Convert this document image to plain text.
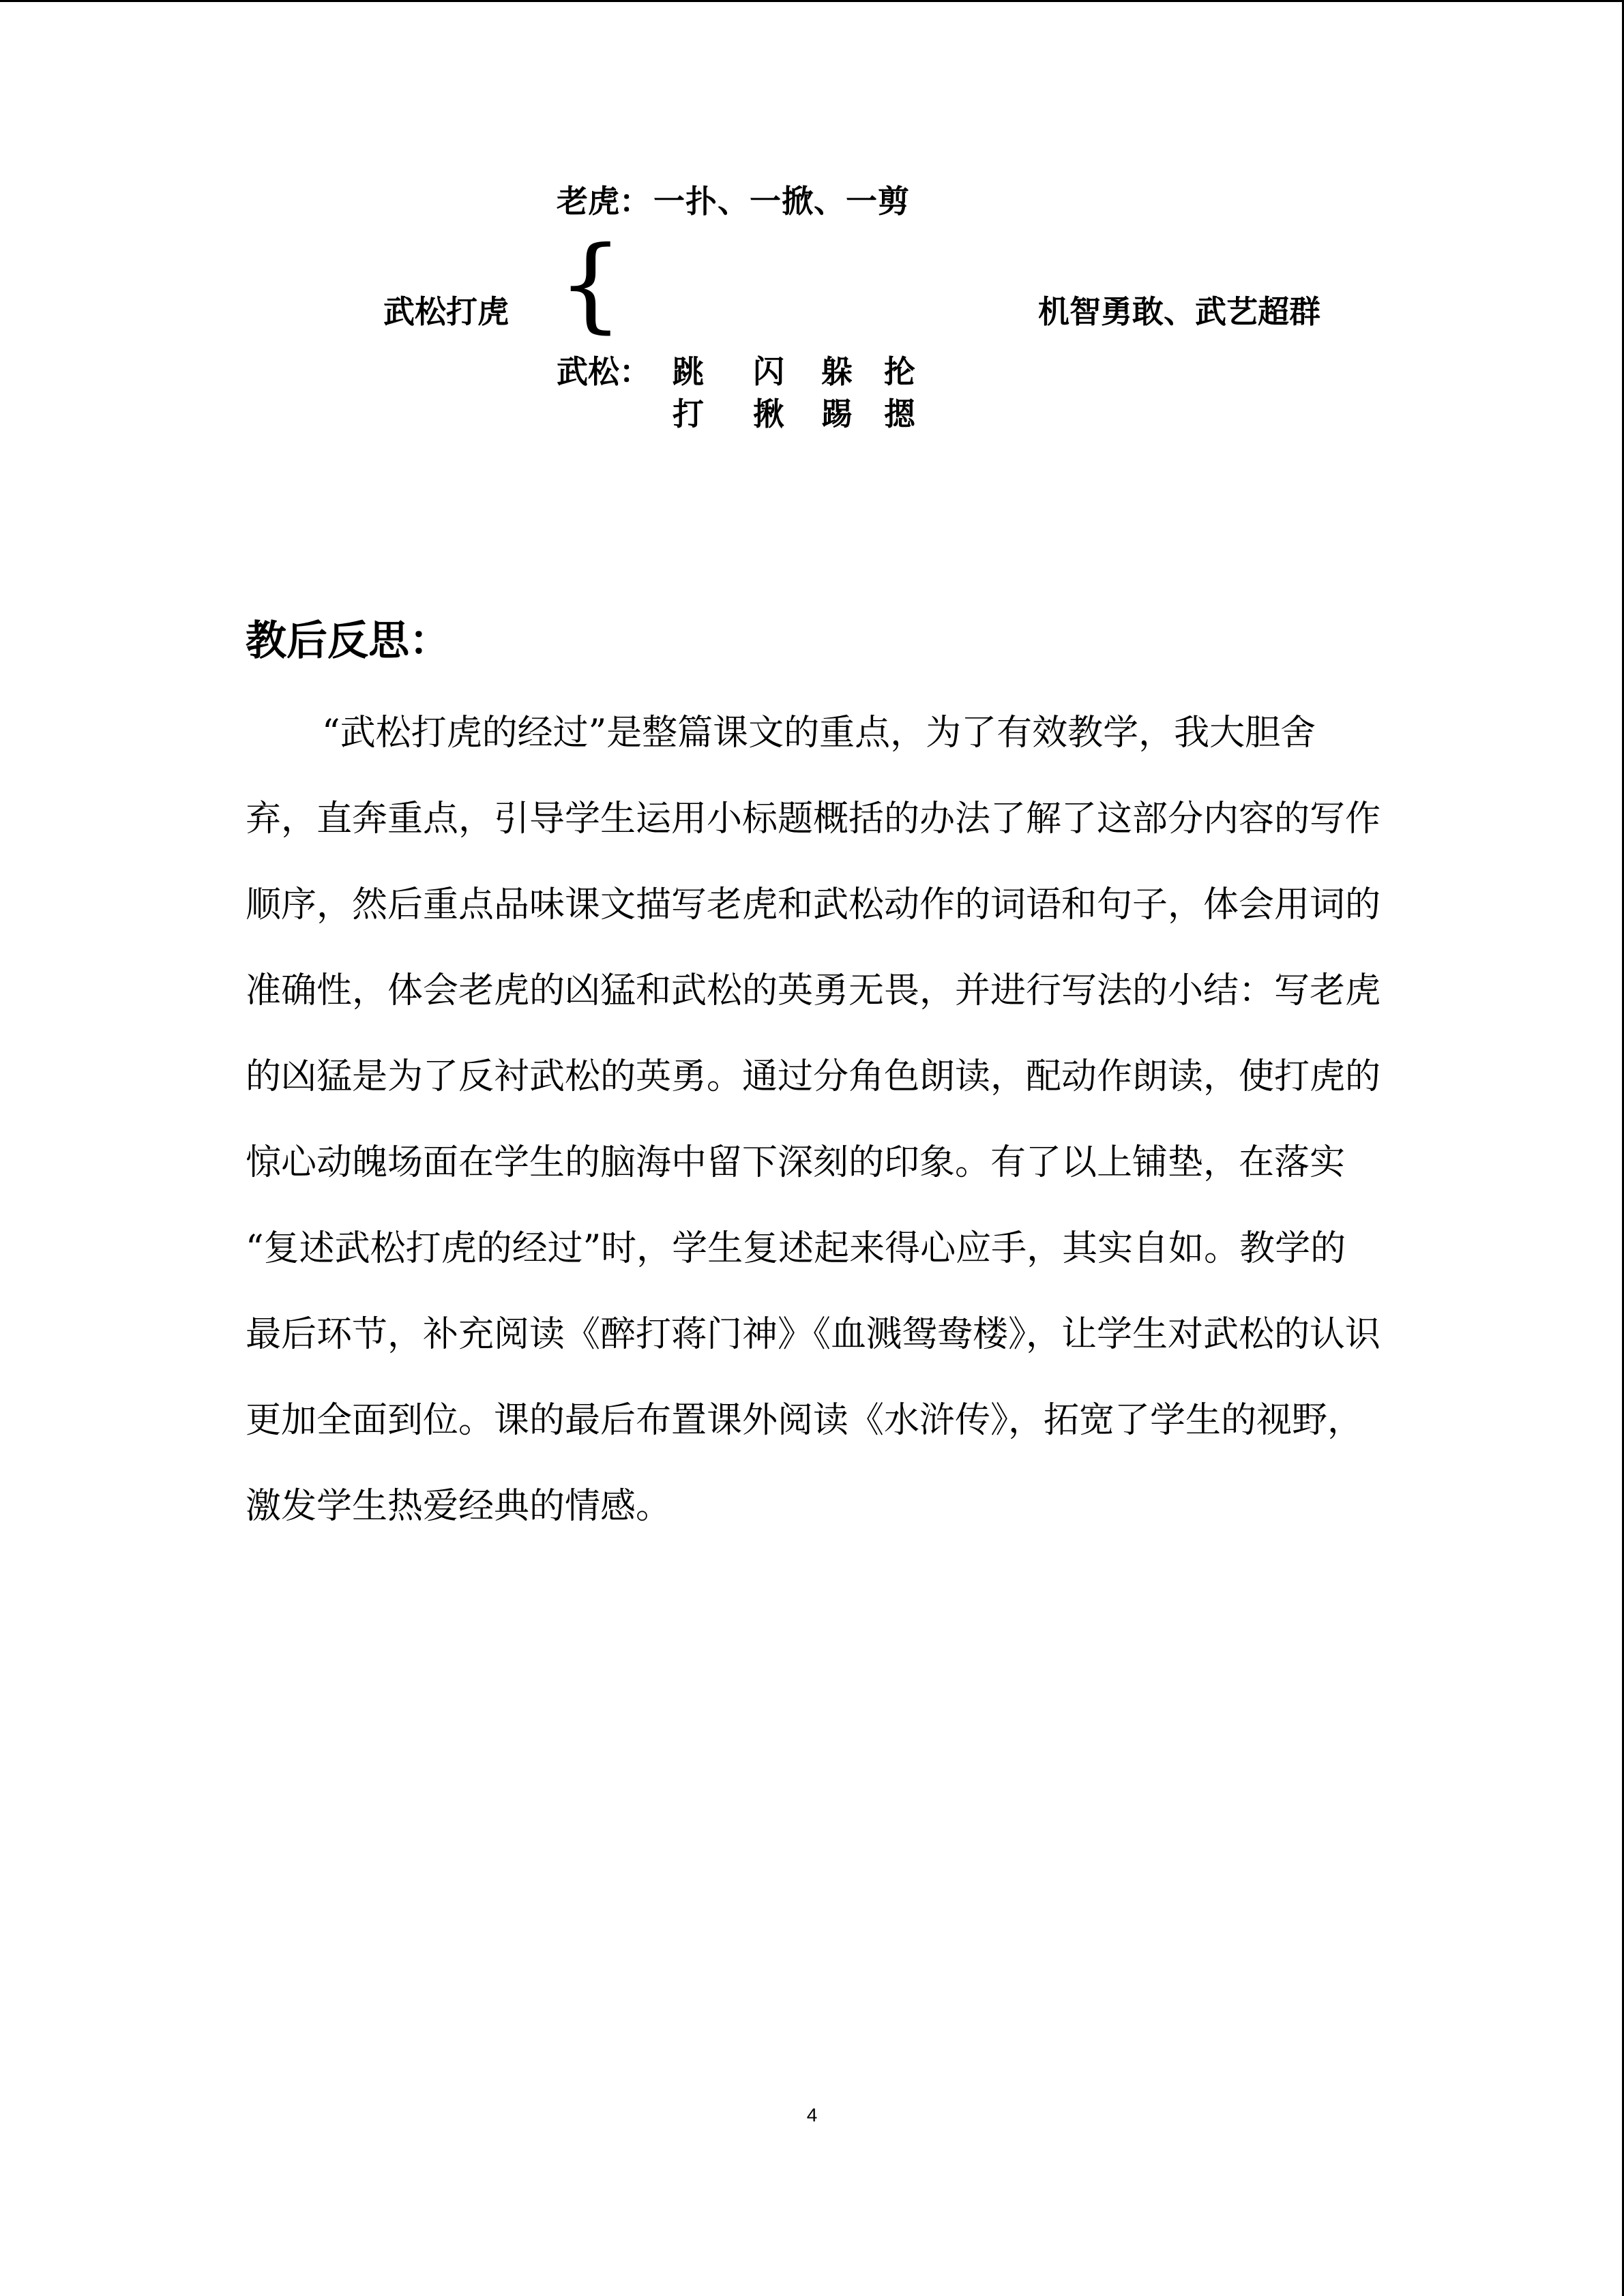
老虎： 一扑、一掀、一剪
武松打虎 {	机智勇敢、武艺超群
武松： 跳 闪 躲 抡
打 揪 踢 摁
教后反思：
“武松打虎的经过”是整篇课文的重点，为了有效教学，我大胆舍
弃，直奔重点，引导学生运用小标题概括的办法了解了这部分内容的写作
顺序，然后重点品味课文描写老虎和武松动作的词语和句子，体会用词的
准确性，体会老虎的凶猛和武松的英勇无畏，并进行写法的小结：写老虎
的凶猛是为了反衬武松的英勇。通过分角色朗读，配动作朗读，使打虎的
惊心动魄场面在学生的脑海中留下深刻的印象。有了以上铺垫，在落实
“复述武松打虎的经过”时，学生复述起来得心应手，其实自如。教学的
最后环节，补充阅读《醉打蒋门神》《血溅鸳鸯楼》，让学生对武松的认识
更加全面到位。课的最后布置课外阅读《水浒传》，拓宽了学生的视野，
激发学生热爱经典的情感。
4
